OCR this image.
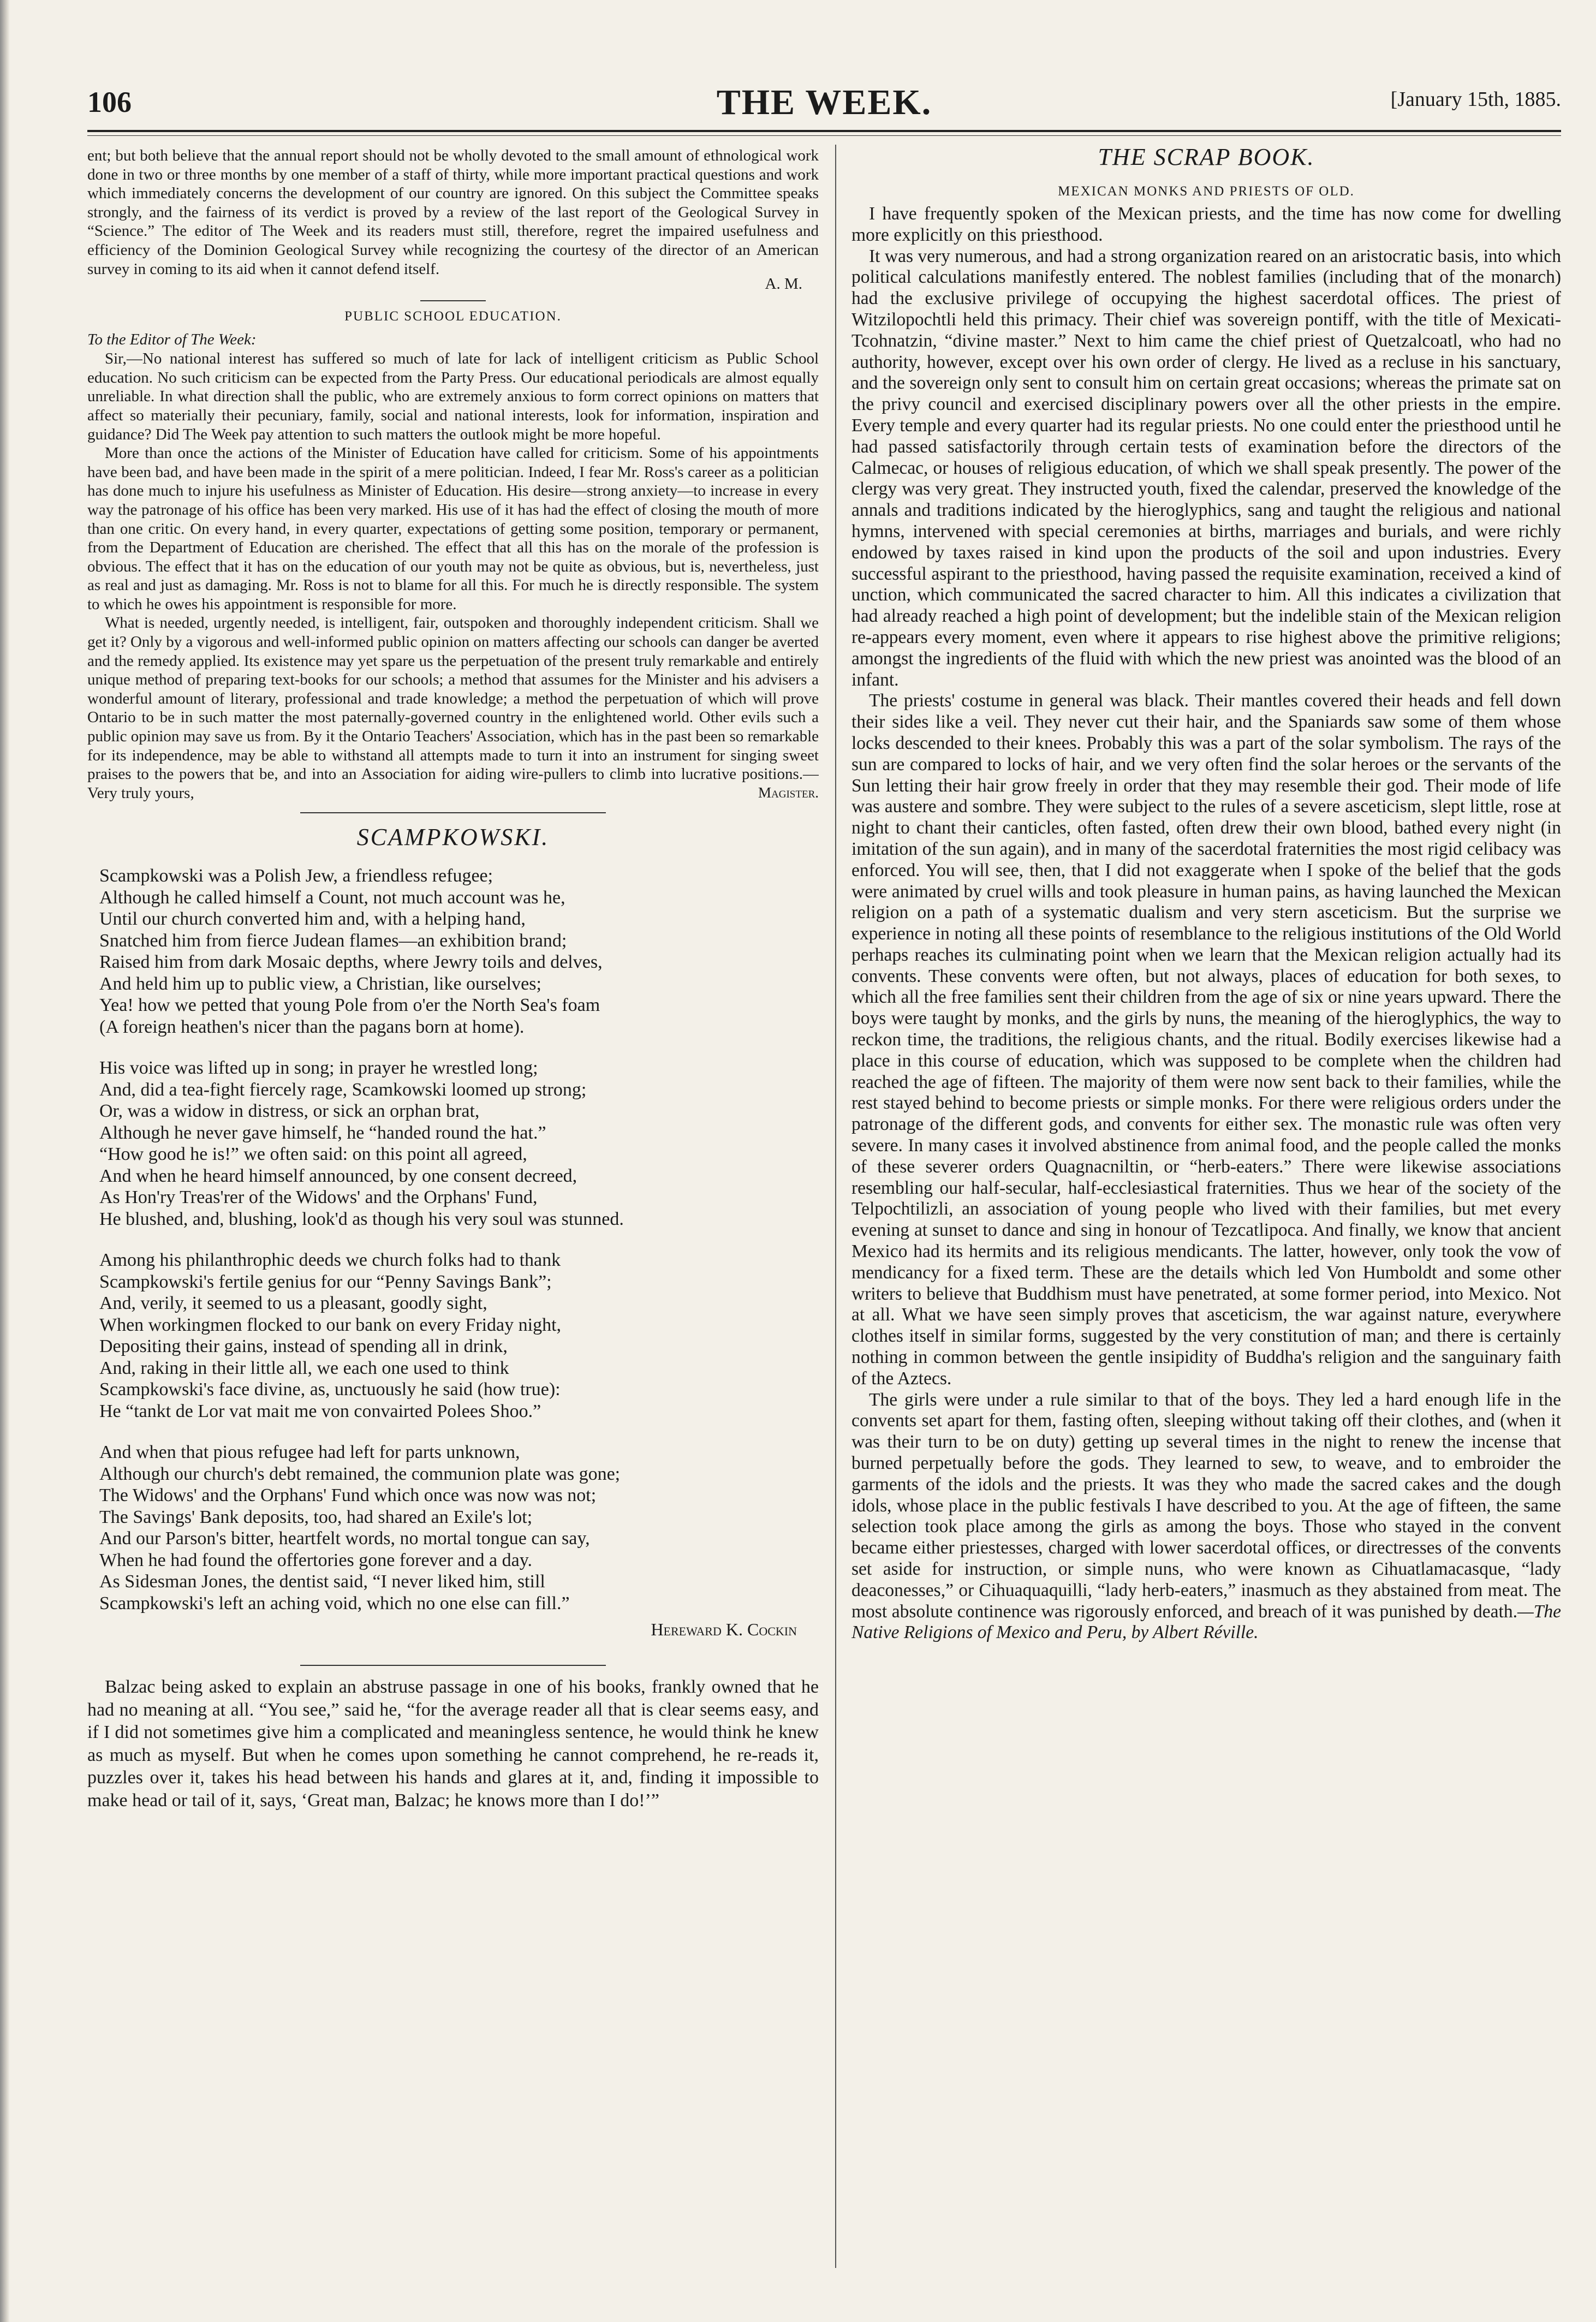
106	THE WEEK.	[January 15th, 1885.

ent; but both believe that the annual report should not be wholly devoted to the small amount of ethnological work done in two or three months by one member of a staff of thirty, while more important practical questions and work which immediately concerns the development of our country are ignored. On this subject the Committee speaks strongly, and the fairness of its verdict is proved by a review of the last report of the Geological Survey in “Science.” The editor of The Week and its readers must still, therefore, regret the impaired usefulness and efficiency of the Dominion Geological Survey while recognizing the courtesy of the director of an American survey in coming to its aid when it cannot defend itself.

A. M.
PUBLIC SCHOOL EDUCATION.
To the Editor of The Week:

Sir,—No national interest has suffered so much of late for lack of intelligent criticism as Public School education. No such criticism can be expected from the Party Press. Our educational periodicals are almost equally unreliable. In what direction shall the public, who are extremely anxious to form correct opinions on matters that affect so materially their pecuniary, family, social and national interests, look for information, inspiration and guidance? Did The Week pay attention to such matters the outlook might be more hopeful.

More than once the actions of the Minister of Education have called for criticism. Some of his appointments have been bad, and have been made in the spirit of a mere politician. Indeed, I fear Mr. Ross's career as a politician has done much to injure his usefulness as Minister of Education. His desire—strong anxiety—to increase in every way the patronage of his office has been very marked. His use of it has had the effect of closing the mouth of more than one critic. On every hand, in every quarter, expectations of getting some position, temporary or permanent, from the Department of Education are cherished. The effect that all this has on the morale of the profession is obvious. The effect that it has on the education of our youth may not be quite as obvious, but is, nevertheless, just as real and just as damaging. Mr. Ross is not to blame for all this. For much he is directly responsible. The system to which he owes his appointment is responsible for more.

What is needed, urgently needed, is intelligent, fair, outspoken and thoroughly independent criticism. Shall we get it? Only by a vigorous and well-informed public opinion on matters affecting our schools can danger be averted and the remedy applied. Its existence may yet spare us the perpetuation of the present truly remarkable and entirely unique method of preparing text-books for our schools; a method that assumes for the Minister and his advisers a wonderful amount of literary, professional and trade knowledge; a method the perpetuation of which will prove Ontario to be in such matter the most paternally-governed country in the enlightened world. Other evils such a public opinion may save us from. By it the Ontario Teachers' Association, which has in the past been so remarkable for its independence, may be able to withstand all attempts made to turn it into an instrument for singing sweet praises to the powers that be, and into an Association for aiding wire-pullers to climb into lucrative positions.—Very truly yours,	Magister.
SCAMPKOWSKI.
Scampkowski was a Polish Jew, a friendless refugee;
Although he called himself a Count, not much account was he,
Until our church converted him and, with a helping hand,
Snatched him from fierce Judean flames—an exhibition brand;
Raised him from dark Mosaic depths, where Jewry toils and delves,
And held him up to public view, a Christian, like ourselves;
Yea! how we petted that young Pole from o'er the North Sea's foam
(A foreign heathen's nicer than the pagans born at home).
His voice was lifted up in song; in prayer he wrestled long;
And, did a tea-fight fiercely rage, Scamkowski loomed up strong;
Or, was a widow in distress, or sick an orphan brat,
Although he never gave himself, he “handed round the hat.”
“How good he is!” we often said: on this point all agreed,
And when he heard himself announced, by one consent decreed,
As Hon'ry Treas'rer of the Widows' and the Orphans' Fund,
He blushed, and, blushing, look'd as though his very soul was stunned.
Among his philanthrophic deeds we church folks had to thank
Scampkowski's fertile genius for our “Penny Savings Bank”;
And, verily, it seemed to us a pleasant, goodly sight,
When workingmen flocked to our bank on every Friday night,
Depositing their gains, instead of spending all in drink,
And, raking in their little all, we each one used to think
Scampkowski's face divine, as, unctuously he said (how true):
He “tankt de Lor vat mait me von convairted Polees Shoo.”
And when that pious refugee had left for parts unknown,
Although our church's debt remained, the communion plate was gone;
The Widows' and the Orphans' Fund which once was now was not;
The Savings' Bank deposits, too, had shared an Exile's lot;
And our Parson's bitter, heartfelt words, no mortal tongue can say,
When he had found the offertories gone forever and a day.
As Sidesman Jones, the dentist said, “I never liked him, still
Scampkowski's left an aching void, which no one else can fill.”
Hereward K. Cockin

Balzac being asked to explain an abstruse passage in one of his books, frankly owned that he had no meaning at all. “You see,” said he, “for the average reader all that is clear seems easy, and if I did not sometimes give him a complicated and meaningless sentence, he would think he knew as much as myself. But when he comes upon something he cannot comprehend, he re-reads it, puzzles over it, takes his head between his hands and glares at it, and, finding it impossible to make head or tail of it, says, ‘Great man, Balzac; he knows more than I do!’”

THE SCRAP BOOK.
MEXICAN MONKS AND PRIESTS OF OLD.

I have frequently spoken of the Mexican priests, and the time has now come for dwelling more explicitly on this priesthood.

It was very numerous, and had a strong organization reared on an aristocratic basis, into which political calculations manifestly entered. The noblest families (including that of the monarch) had the exclusive privilege of occupying the highest sacerdotal offices. The priest of Witzilopochtli held this primacy. Their chief was sovereign pontiff, with the title of Mexicati-Tcohnatzin, “divine master.” Next to him came the chief priest of Quetzalcoatl, who had no authority, however, except over his own order of clergy. He lived as a recluse in his sanctuary, and the sovereign only sent to consult him on certain great occasions; whereas the primate sat on the privy council and exercised disciplinary powers over all the other priests in the empire. Every temple and every quarter had its regular priests. No one could enter the priesthood until he had passed satisfactorily through certain tests of examination before the directors of the Calmecac, or houses of religious education, of which we shall speak presently. The power of the clergy was very great. They instructed youth, fixed the calendar, preserved the knowledge of the annals and traditions indicated by the hieroglyphics, sang and taught the religious and national hymns, intervened with special ceremonies at births, marriages and burials, and were richly endowed by taxes raised in kind upon the products of the soil and upon industries. Every successful aspirant to the priesthood, having passed the requisite examination, received a kind of unction, which communicated the sacred character to him. All this indicates a civilization that had already reached a high point of development; but the indelible stain of the Mexican religion re-appears every moment, even where it appears to rise highest above the primitive religions; amongst the ingredients of the fluid with which the new priest was anointed was the blood of an infant.

The priests' costume in general was black. Their mantles covered their heads and fell down their sides like a veil. They never cut their hair, and the Spaniards saw some of them whose locks descended to their knees. Probably this was a part of the solar symbolism. The rays of the sun are compared to locks of hair, and we very often find the solar heroes or the servants of the Sun letting their hair grow freely in order that they may resemble their god. Their mode of life was austere and sombre. They were subject to the rules of a severe asceticism, slept little, rose at night to chant their canticles, often fasted, often drew their own blood, bathed every night (in imitation of the sun again), and in many of the sacerdotal fraternities the most rigid celibacy was enforced. You will see, then, that I did not exaggerate when I spoke of the belief that the gods were animated by cruel wills and took pleasure in human pains, as having launched the Mexican religion on a path of a systematic dualism and very stern asceticism. But the surprise we experience in noting all these points of resemblance to the religious institutions of the Old World perhaps reaches its culminating point when we learn that the Mexican religion actually had its convents. These convents were often, but not always, places of education for both sexes, to which all the free families sent their children from the age of six or nine years upward. There the boys were taught by monks, and the girls by nuns, the meaning of the hieroglyphics, the way to reckon time, the traditions, the religious chants, and the ritual. Bodily exercises likewise had a place in this course of education, which was supposed to be complete when the children had reached the age of fifteen. The majority of them were now sent back to their families, while the rest stayed behind to become priests or simple monks. For there were religious orders under the patronage of the different gods, and convents for either sex. The monastic rule was often very severe. In many cases it involved abstinence from animal food, and the people called the monks of these severer orders Quagnacniltin, or “herb-eaters.” There were likewise associations resembling our half-secular, half-ecclesiastical fraternities. Thus we hear of the society of the Telpochtilizli, an association of young people who lived with their families, but met every evening at sunset to dance and sing in honour of Tezcatlipoca. And finally, we know that ancient Mexico had its hermits and its religious mendicants. The latter, however, only took the vow of mendicancy for a fixed term. These are the details which led Von Humboldt and some other writers to believe that Buddhism must have penetrated, at some former period, into Mexico. Not at all. What we have seen simply proves that asceticism, the war against nature, everywhere clothes itself in similar forms, suggested by the very constitution of man; and there is certainly nothing in common between the gentle insipidity of Buddha's religion and the sanguinary faith of the Aztecs.

The girls were under a rule similar to that of the boys. They led a hard enough life in the convents set apart for them, fasting often, sleeping without taking off their clothes, and (when it was their turn to be on duty) getting up several times in the night to renew the incense that burned perpetually before the gods. They learned to sew, to weave, and to embroider the garments of the idols and the priests. It was they who made the sacred cakes and the dough idols, whose place in the public festivals I have described to you. At the age of fifteen, the same selection took place among the girls as among the boys. Those who stayed in the convent became either priestesses, charged with lower sacerdotal offices, or directresses of the convents set aside for instruction, or simple nuns, who were known as Cihuatlamacasque, “lady deaconesses,” or Cihuaquaquilli, “lady herb-eaters,” inasmuch as they abstained from meat. The most absolute continence was rigorously enforced, and breach of it was punished by death.—The Native Religions of Mexico and Peru, by Albert Réville.
